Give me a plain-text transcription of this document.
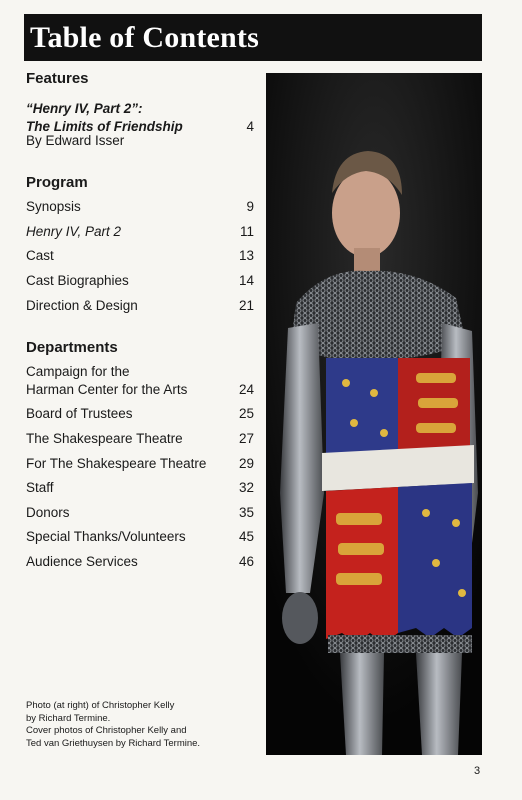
Table of Contents
Features
“Henry IV, Part 2”:
The Limits of Friendship	4
By Edward Isser
Program
Synopsis	9
Henry IV, Part 2	11
Cast	13
Cast Biographies	14
Direction & Design	21
Departments
Campaign for the
Harman Center for the Arts	24
Board of Trustees	25
The Shakespeare Theatre	27
For The Shakespeare Theatre	29
Staff	32
Donors	35
Special Thanks/Volunteers	45
Audience Services	46
Photo (at right) of Christopher Kelly
by Richard Termine.
Cover photos of Christopher Kelly and
Ted van Griethuysen by Richard Termine.
3
